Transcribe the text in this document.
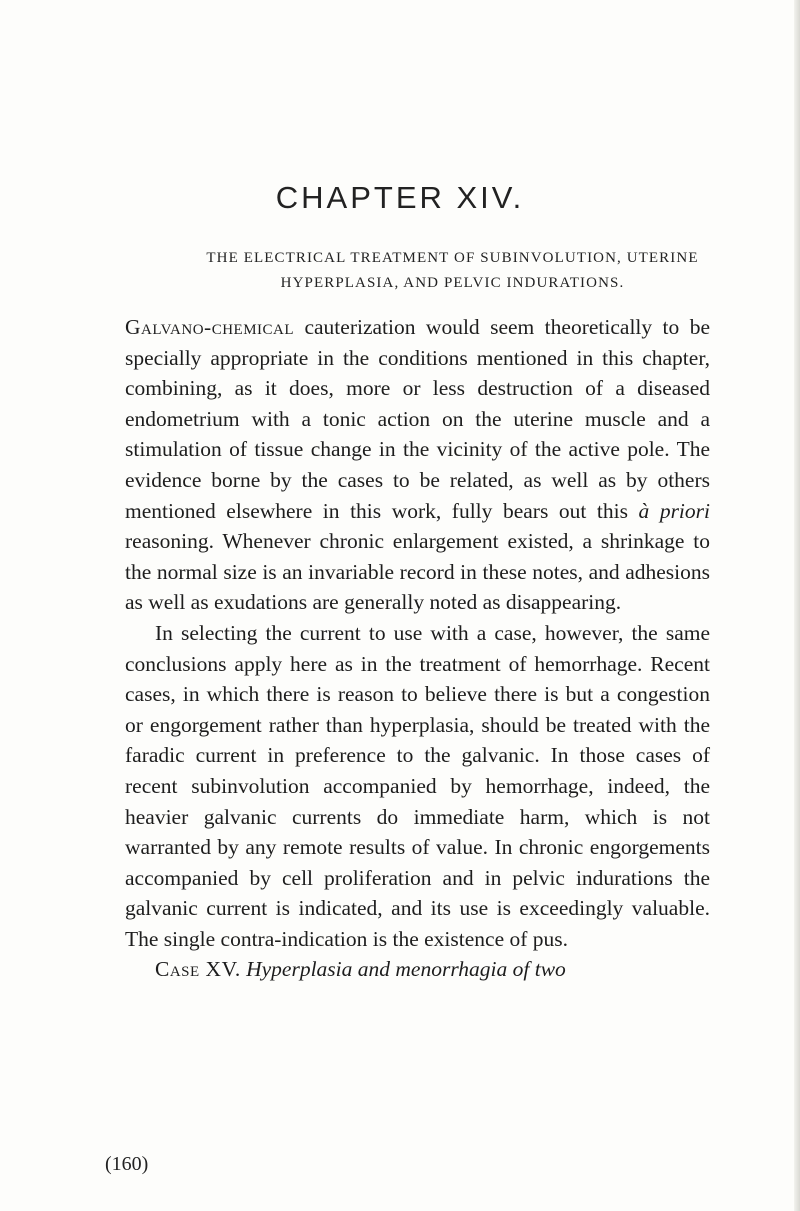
CHAPTER XIV.
THE ELECTRICAL TREATMENT OF SUBINVOLUTION, UTERINE HYPERPLASIA, AND PELVIC INDURATIONS.

Galvano-chemical cauterization would seem theoretically to be specially appropriate in the conditions mentioned in this chapter, combining, as it does, more or less destruction of a diseased endometrium with a tonic action on the uterine muscle and a stimulation of tissue change in the vicinity of the active pole. The evidence borne by the cases to be related, as well as by others mentioned elsewhere in this work, fully bears out this à priori reasoning. Whenever chronic enlargement existed, a shrinkage to the normal size is an invariable record in these notes, and adhesions as well as exudations are generally noted as disappearing.

In selecting the current to use with a case, however, the same conclusions apply here as in the treatment of hemorrhage. Recent cases, in which there is reason to believe there is but a congestion or engorgement rather than hyperplasia, should be treated with the faradic current in preference to the galvanic. In those cases of recent subinvolution accompanied by hemorrhage, indeed, the heavier galvanic currents do immediate harm, which is not warranted by any remote results of value. In chronic engorgements accompanied by cell proliferation and in pelvic indurations the galvanic current is indicated, and its use is exceedingly valuable. The single contra-indication is the existence of pus.

Case XV. Hyperplasia and menorrhagia of two

(160)
